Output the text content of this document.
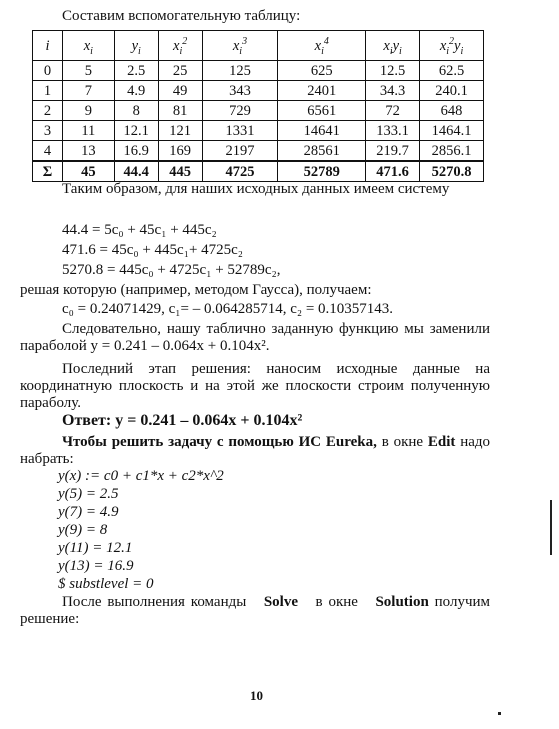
Составим вспомогательную таблицу:
i	$x_i$	$y_i$	$x_i^2$	$x_i^3$	$x_i^4$	$x_iy_i$	$x_i^2y_i$
0	5	2.5	25	125	625	12.5	62.5
1	7	4.9	49	343	2401	34.3	240.1
2	9	8	81	729	6561	72	648
3	11	12.1	121	1331	14641	133.1	1464.1
4	13	16.9	169	2197	28561	219.7	2856.1
Σ	45	44.4	445	4725	52789	471.6	5270.8
Таким образом, для наших исходных данных имеем систему
44.4 = 5c₀ + 45c₁ + 445c₂
471.6 = 45c₀ + 445c₁+ 4725c₂
5270.8 = 445c₀ + 4725c₁ + 52789c₂,
решая которую (например, методом Гаусса), получаем:
c₀ = 0.24071429, c₁= – 0.064285714, c₂ = 0.10357143.
Следовательно, нашу таблично заданную функцию мы заменили параболой y = 0.241 – 0.064x + 0.104x².
Последний этап решения: наносим исходные данные на координатную плоскость и на этой же плоскости строим полученную параболу.
Ответ: y = 0.241 – 0.064x + 0.104x²
Чтобы решить задачу с помощью ИС Eureka, в окне Edit надо набрать:
y(x) := c0 + c1*x + c2*x^2
y(5) = 2.5
y(7) = 4.9
y(9) = 8
y(11) = 12.1
y(13) = 16.9
$ substlevel = 0
После выполнения команды Solve в окне Solution получим решение:
10
